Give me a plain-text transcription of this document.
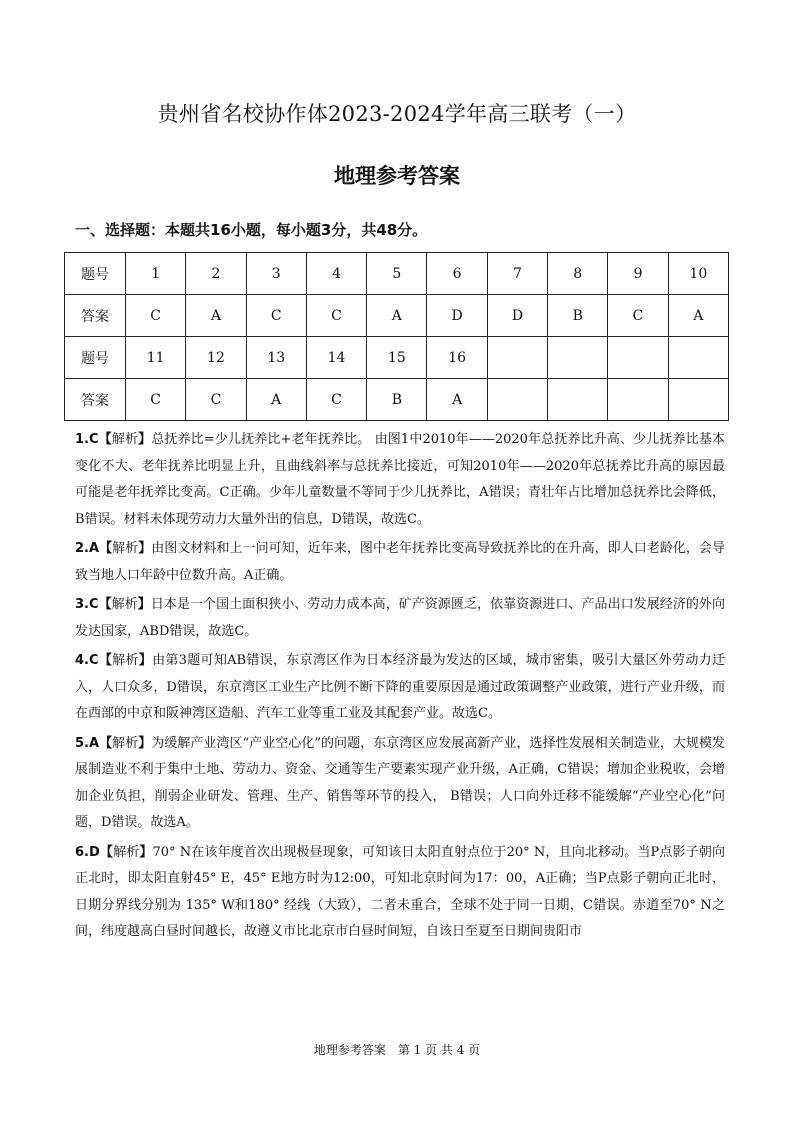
贵州省名校协作体2023-2024学年高三联考（一）
地理参考答案
一、选择题：本题共16小题，每小题3分，共48分。
题号	1	2	3	4	5	6	7	8	9	10
答案	C	A	C	C	A	D	D	B	C	A
题号	11	12	13	14	15	16				
答案	C	C	A	C	B	A				

1.C【解析】总抚养比=少儿抚养比+老年抚养比。 由图1中2010年——2020年总抚养比升高、少儿抚养比基本变化不大、老年抚养比明显上升，且曲线斜率与总抚养比接近，可知2010年——2020年总抚养比升高的原因最可能是老年抚养比变高。C正确。少年儿童数量不等同于少儿抚养比，A错误；青壮年占比增加总抚养比会降低，B错误。材料未体现劳动力大量外出的信息，D错误，故选C。

2.A【解析】由图文材料和上一问可知，近年来，图中老年抚养比变高导致抚养比的在升高，即人口老龄化，会导致当地人口年龄中位数升高。A正确。

3.C【解析】日本是一个国土面积狭小、劳动力成本高，矿产资源匮乏，依靠资源进口、产品出口发展经济的外向发达国家，ABD错误，故选C。

4.C【解析】由第3题可知AB错误，东京湾区作为日本经济最为发达的区域，城市密集，吸引大量区外劳动力迁入，人口众多，D错误，东京湾区工业生产比例不断下降的重要原因是通过政策调整产业政策，进行产业升级，而在西部的中京和阪神湾区造船、汽车工业等重工业及其配套产业。故选C。

5.A【解析】为缓解产业湾区“产业空心化”的问题，东京湾区应发展高新产业，选择性发展相关制造业，大规模发展制造业不利于集中土地、劳动力、资金、交通等生产要素实现产业升级，A正确，C错误；增加企业税收，会增加企业负担，削弱企业研发、管理、生产、销售等环节的投入， B错误；人口向外迁移不能缓解“产业空心化”问题，D错误。故选A。

6.D【解析】70° N在该年度首次出现极昼现象，可知该日太阳直射点位于20° N，且向北移动。当P点影子朝向正北时，即太阳直射45° E，45° E地方时为12:00，可知北京时间为17：00，A正确；当P点影子朝向正北时，日期分界线分别为 135° W和180° 经线（大致），二者未重合，全球不处于同一日期，C错误。赤道至70° N之间，纬度越高白昼时间越长，故遵义市比北京市白昼时间短，自该日至夏至日期间贵阳市

地理参考答案　第 1 页 共 4 页
